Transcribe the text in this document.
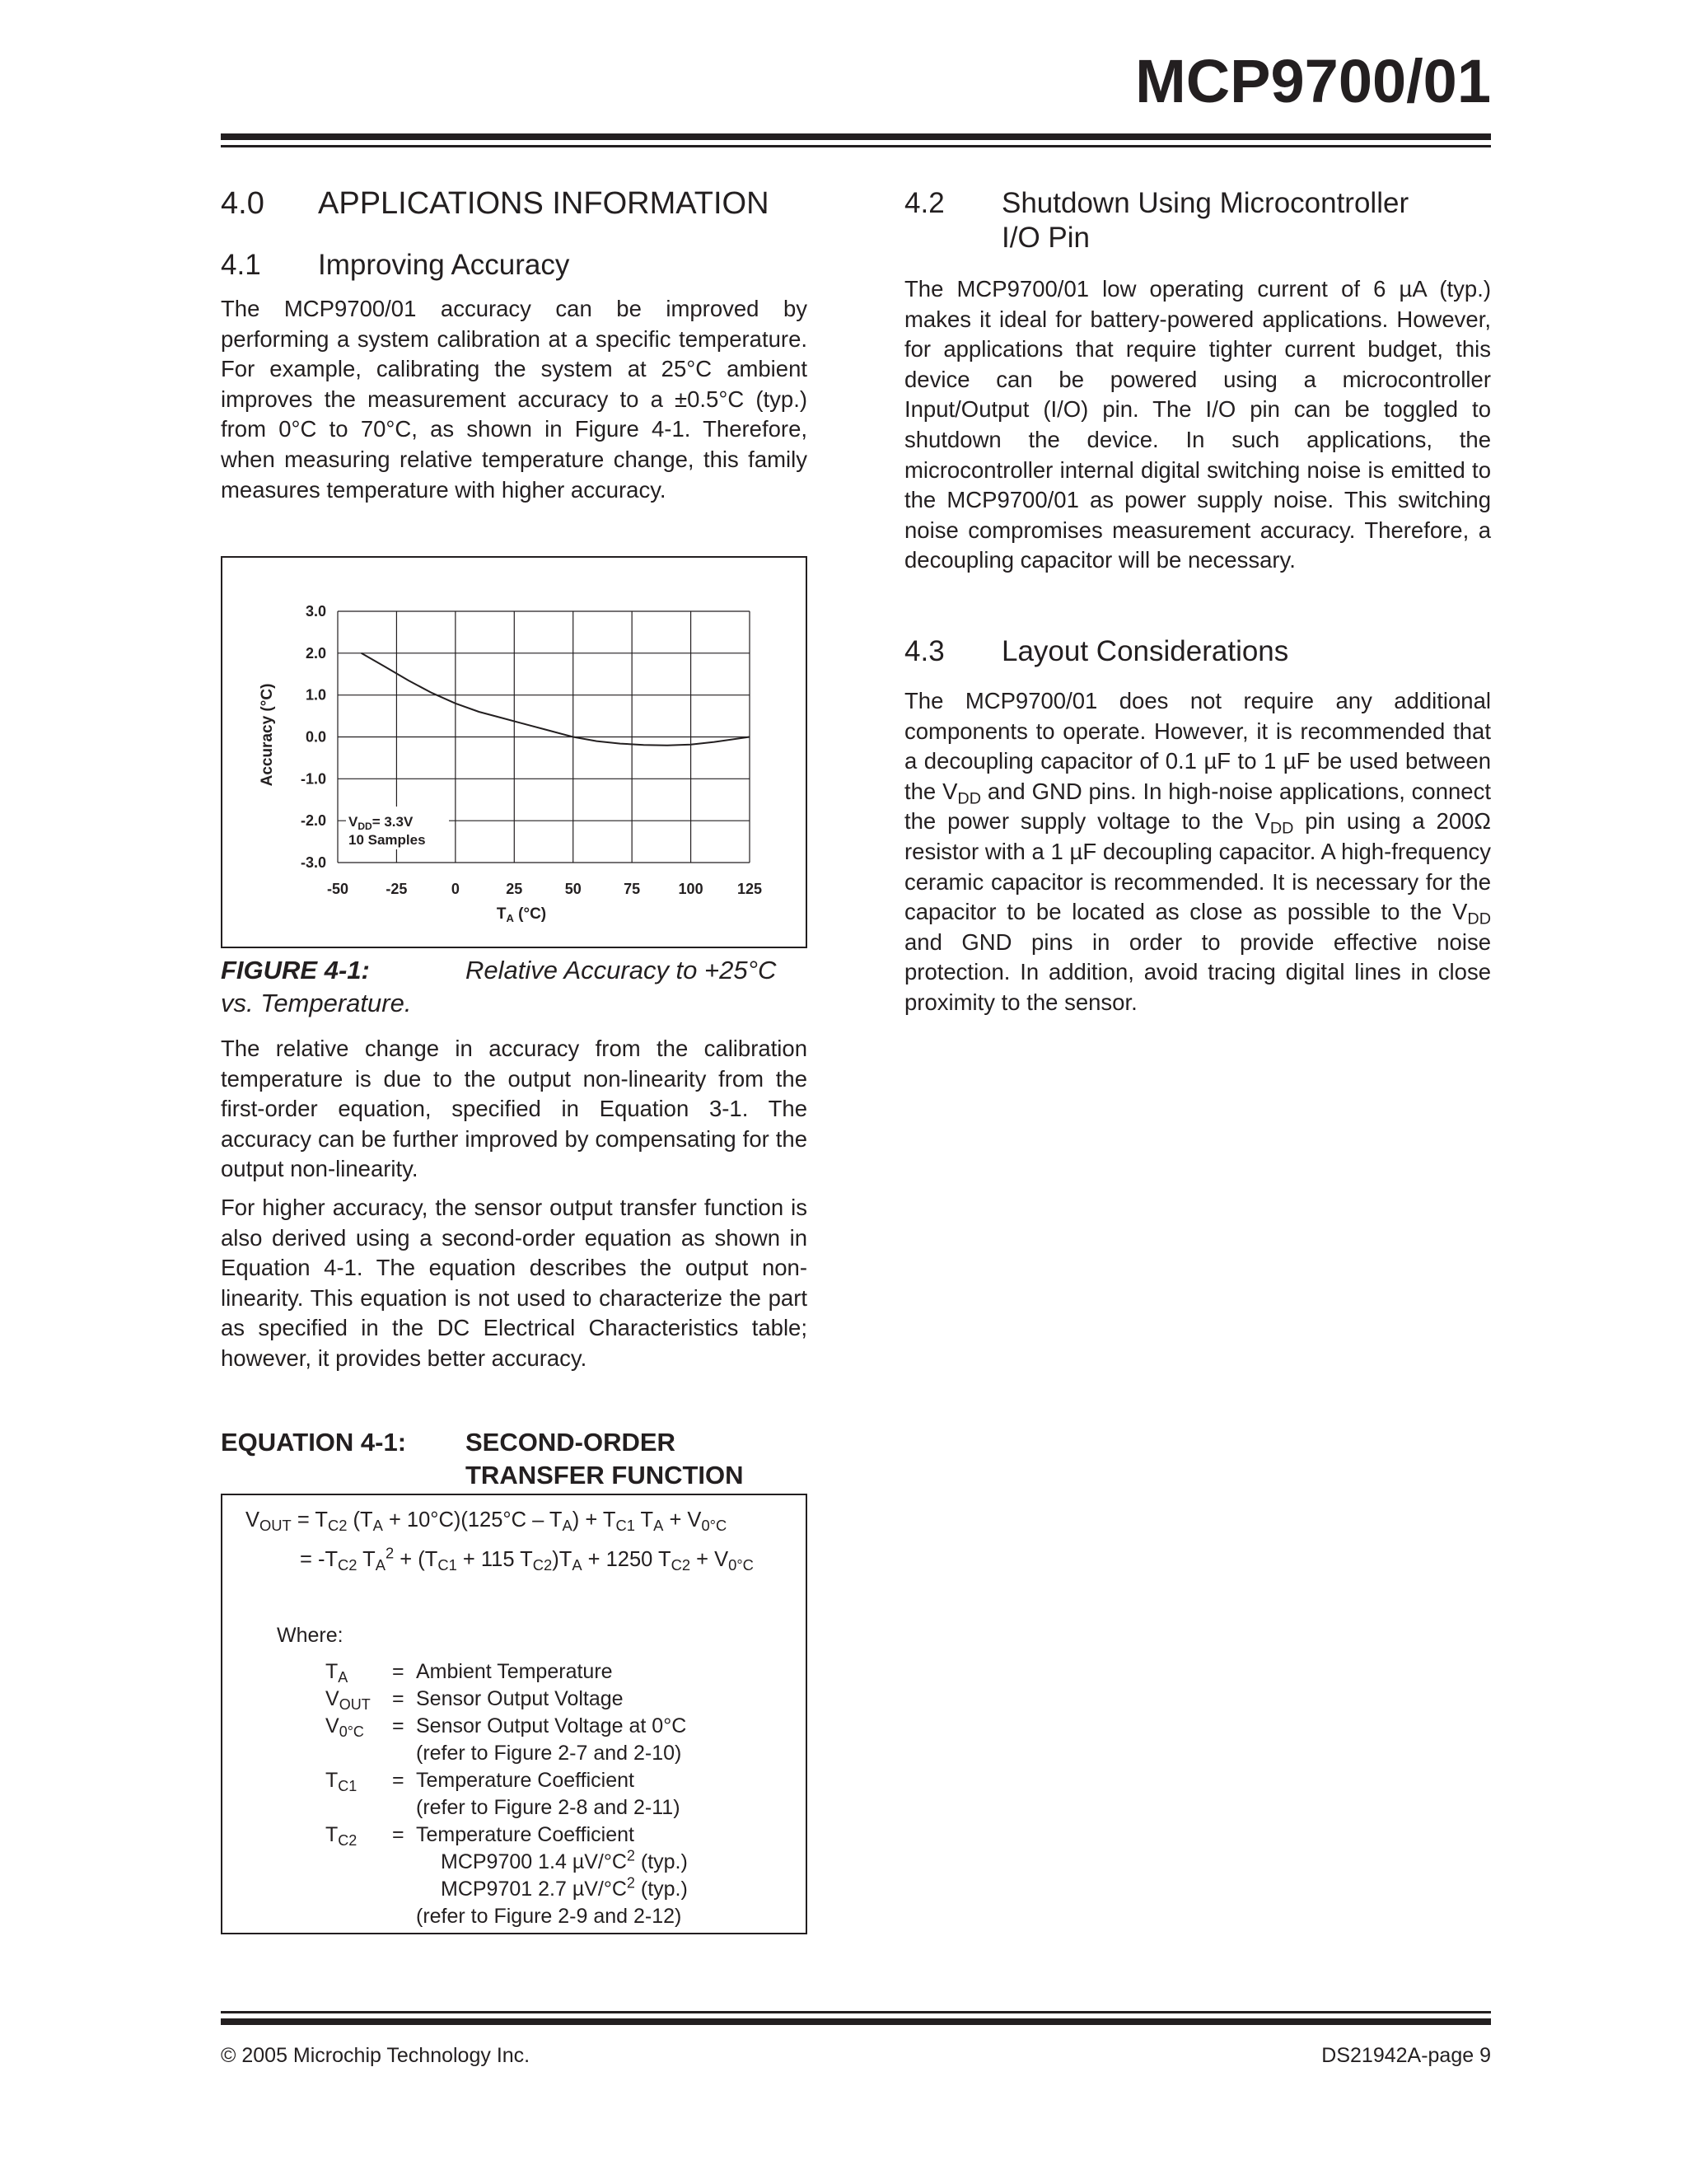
MCP9700/01
4.0 APPLICATIONS INFORMATION
4.1 Improving Accuracy

The MCP9700/01 accuracy can be improved by performing a system calibration at a specific temperature. For example, calibrating the system at 25°C ambient improves the measurement accuracy to a ±0.5°C (typ.) from 0°C to 70°C, as shown in Figure 4-1. Therefore, when measuring relative temperature change, this family measures temperature with higher accuracy.

-50	-25	0	25	50	75	100 125
3.0
2.0
1.0
0.0
-1.0
-2.0
-3.0
$V_{DD}= 3.3V$
10 Samples
$T_A$ (°C)
Accuracy (°C)
FIGURE 4-1:	Relative Accuracy to +25°C
vs. Temperature.

The relative change in accuracy from the calibration temperature is due to the output non-linearity from the first-order equation, specified in Equation 3-1. The accuracy can be further improved by compensating for the output non-linearity.

For higher accuracy, the sensor output transfer function is also derived using a second-order equation as shown in Equation 4-1. The equation describes the output non-linearity. This equation is not used to characterize the part as specified in the DC Electrical Characteristics table; however, it provides better accuracy.

EQUATION 4-1: SECOND-ORDER
TRANSFER FUNCTION
$V_{OUT} = T_{C2}$ $(T_A + 10^\circ C)(125^\circ C - T_A) + T_{C1}$ $T_A + V_{0^\circ C}$
= $-T_{C2}$ $T_A^2 + (T_{C1} + 115$ $T_{C2})T_A + 1250$ $T_{C2} + V_{0^\circ C}$
Where:
$T_A$ = Ambient Temperature
$V_{OUT}$ = Sensor Output Voltage
$V_{0^\circ C}$ = Sensor Output Voltage at 0°C
(refer to Figure 2-7 and 2-10)
$T_{C1}$ = Temperature Coefficient
(refer to Figure 2-8 and 2-11)
$T_{C2}$ = Temperature Coefficient
MCP9700 1.4 $\mu V/^\circ C^2$ (typ.)
MCP9701 2.7 $\mu V/^\circ C^2$ (typ.)
(refer to Figure 2-9 and 2-12)
4.2 Shutdown Using Microcontroller
I/O Pin

The MCP9700/01 low operating current of 6 µA (typ.) makes it ideal for battery-powered applications. However, for applications that require tighter current budget, this device can be powered using a microcontroller Input/Output (I/O) pin. The I/O pin can be toggled to shutdown the device. In such applications, the microcontroller internal digital switching noise is emitted to the MCP9700/01 as power supply noise. This switching noise compromises measurement accuracy. Therefore, a decoupling capacitor will be necessary.

4.3 Layout Considerations

The MCP9700/01 does not require any additional components to operate. However, it is recommended that a decoupling capacitor of 0.1 µF to 1 µF be used between the $V_{DD}$ and GND pins. In high-noise applications, connect the power supply voltage to the $V_{DD}$ pin using a 200Ω resistor with a 1 µF decoupling capacitor. A high-frequency ceramic capacitor is recommended. It is necessary for the capacitor to be located as close as possible to the $V_{DD}$ and GND pins in order to provide effective noise protection. In addition, avoid tracing digital lines in close proximity to the sensor.

© 2005 Microchip Technology Inc.	DS21942A-page 9
